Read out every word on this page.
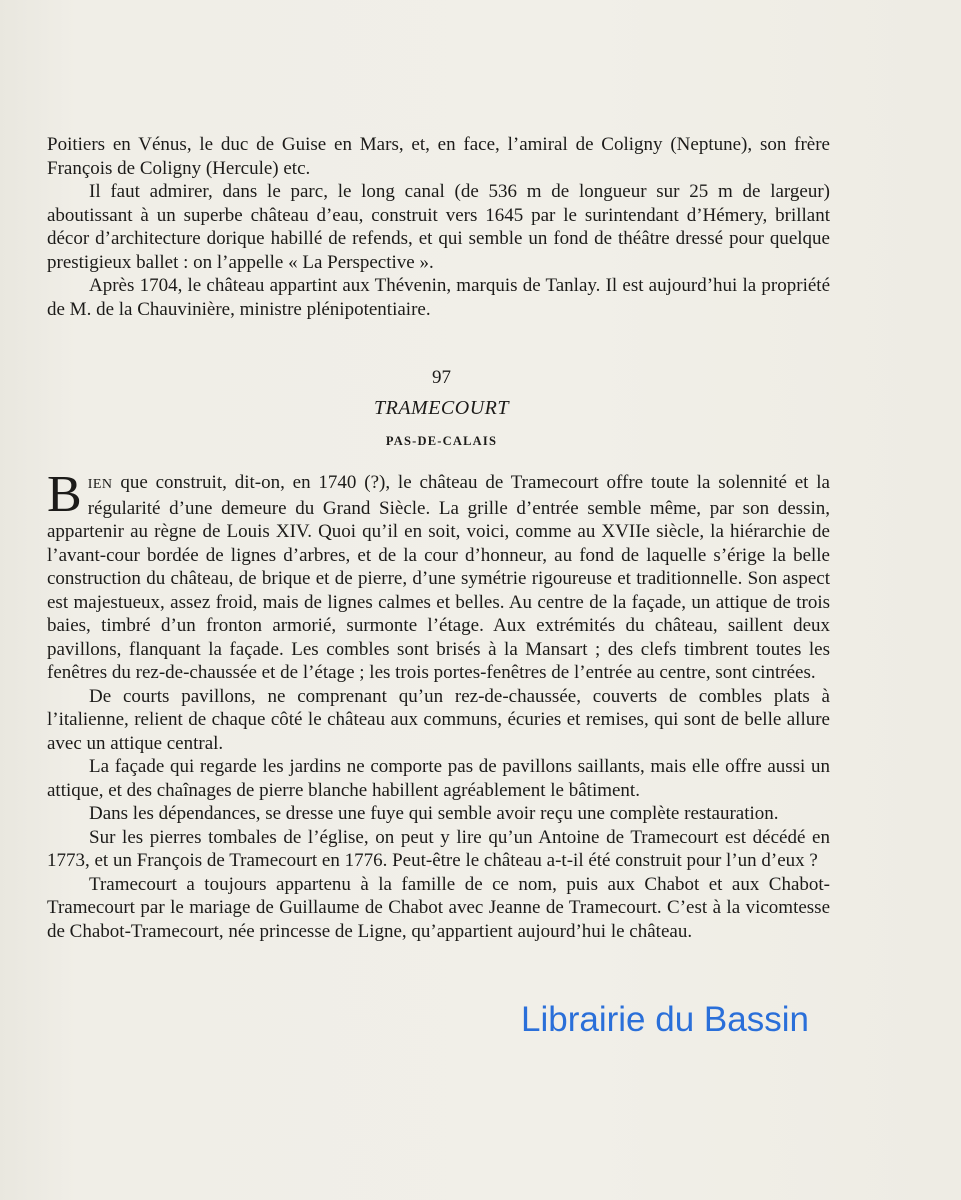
Poitiers en Vénus, le duc de Guise en Mars, et, en face, l’amiral de Coligny (Neptune), son frère François de Coligny (Hercule) etc.

Il faut admirer, dans le parc, le long canal (de 536 m de longueur sur 25 m de largeur) aboutissant à un superbe château d’eau, construit vers 1645 par le surintendant d’Hémery, brillant décor d’architecture dorique habillé de refends, et qui semble un fond de théâtre dressé pour quelque prestigieux ballet : on l’appelle « La Perspective ».

Après 1704, le château appartint aux Thévenin, marquis de Tanlay. Il est aujourd’hui la propriété de M. de la Chauvinière, ministre plénipotentiaire.

97
TRAMECOURT
PAS-DE-CALAIS

BIEN que construit, dit-on, en 1740 (?), le château de Tramecourt offre toute la solennité et la régularité d’une demeure du Grand Siècle. La grille d’entrée semble même, par son dessin, appartenir au règne de Louis XIV. Quoi qu’il en soit, voici, comme au XVIIe siècle, la hiérarchie de l’avant-cour bordée de lignes d’arbres, et de la cour d’honneur, au fond de laquelle s’érige la belle construction du château, de brique et de pierre, d’une symétrie rigoureuse et traditionnelle. Son aspect est majestueux, assez froid, mais de lignes calmes et belles. Au centre de la façade, un attique de trois baies, timbré d’un fronton armorié, surmonte l’étage. Aux extrémités du château, saillent deux pavillons, flanquant la façade. Les combles sont brisés à la Mansart ; des clefs timbrent toutes les fenêtres du rez-de-chaussée et de l’étage ; les trois portes-fenêtres de l’entrée au centre, sont cintrées.

De courts pavillons, ne comprenant qu’un rez-de-chaussée, couverts de combles plats à l’italienne, relient de chaque côté le château aux communs, écuries et remises, qui sont de belle allure avec un attique central.

La façade qui regarde les jardins ne comporte pas de pavillons saillants, mais elle offre aussi un attique, et des chaînages de pierre blanche habillent agréablement le bâtiment.

Dans les dépendances, se dresse une fuye qui semble avoir reçu une complète restauration.

Sur les pierres tombales de l’église, on peut y lire qu’un Antoine de Tramecourt est décédé en 1773, et un François de Tramecourt en 1776. Peut-être le château a-t-il été construit pour l’un d’eux ?

Tramecourt a toujours appartenu à la famille de ce nom, puis aux Chabot et aux Chabot-Tramecourt par le mariage de Guillaume de Chabot avec Jeanne de Tramecourt. C’est à la vicomtesse de Chabot-Tramecourt, née princesse de Ligne, qu’appartient aujourd’hui le château.

Librairie du Bassin
